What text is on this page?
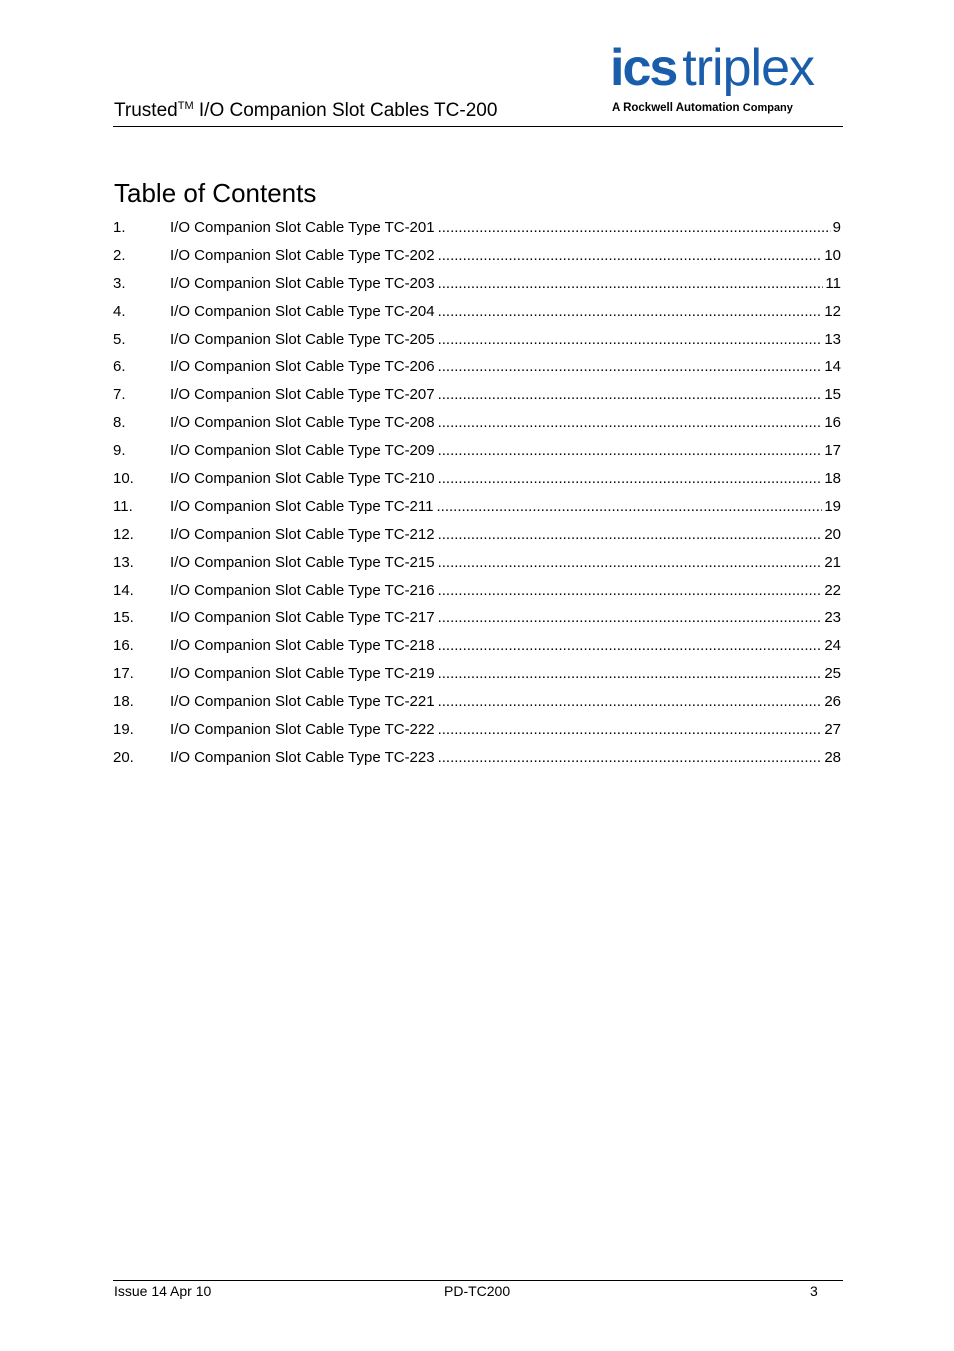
Trusted™ I/O Companion Slot Cables TC-200
ics triplex
A Rockwell Automation Company
Table of Contents
1.	I/O Companion Slot Cable Type TC-201 .....	9
2.	I/O Companion Slot Cable Type TC-202 .....	10
3.	I/O Companion Slot Cable Type TC-203 .....	11
4.	I/O Companion Slot Cable Type TC-204 .....	12
5.	I/O Companion Slot Cable Type TC-205 .....	13
6.	I/O Companion Slot Cable Type TC-206 .....	14
7.	I/O Companion Slot Cable Type TC-207 .....	15
8.	I/O Companion Slot Cable Type TC-208 .....	16
9.	I/O Companion Slot Cable Type TC-209 .....	17
10.	I/O Companion Slot Cable Type TC-210 .....	18
11.	I/O Companion Slot Cable Type TC-211 .....	19
12.	I/O Companion Slot Cable Type TC-212 .....	20
13.	I/O Companion Slot Cable Type TC-215 .....	21
14.	I/O Companion Slot Cable Type TC-216 .....	22
15.	I/O Companion Slot Cable Type TC-217 .....	23
16.	I/O Companion Slot Cable Type TC-218 .....	24
17.	I/O Companion Slot Cable Type TC-219 .....	25
18.	I/O Companion Slot Cable Type TC-221 .....	26
19.	I/O Companion Slot Cable Type TC-222 .....	27
20.	I/O Companion Slot Cable Type TC-223 .....	28
Issue 14 Apr 10	PD-TC200	3
